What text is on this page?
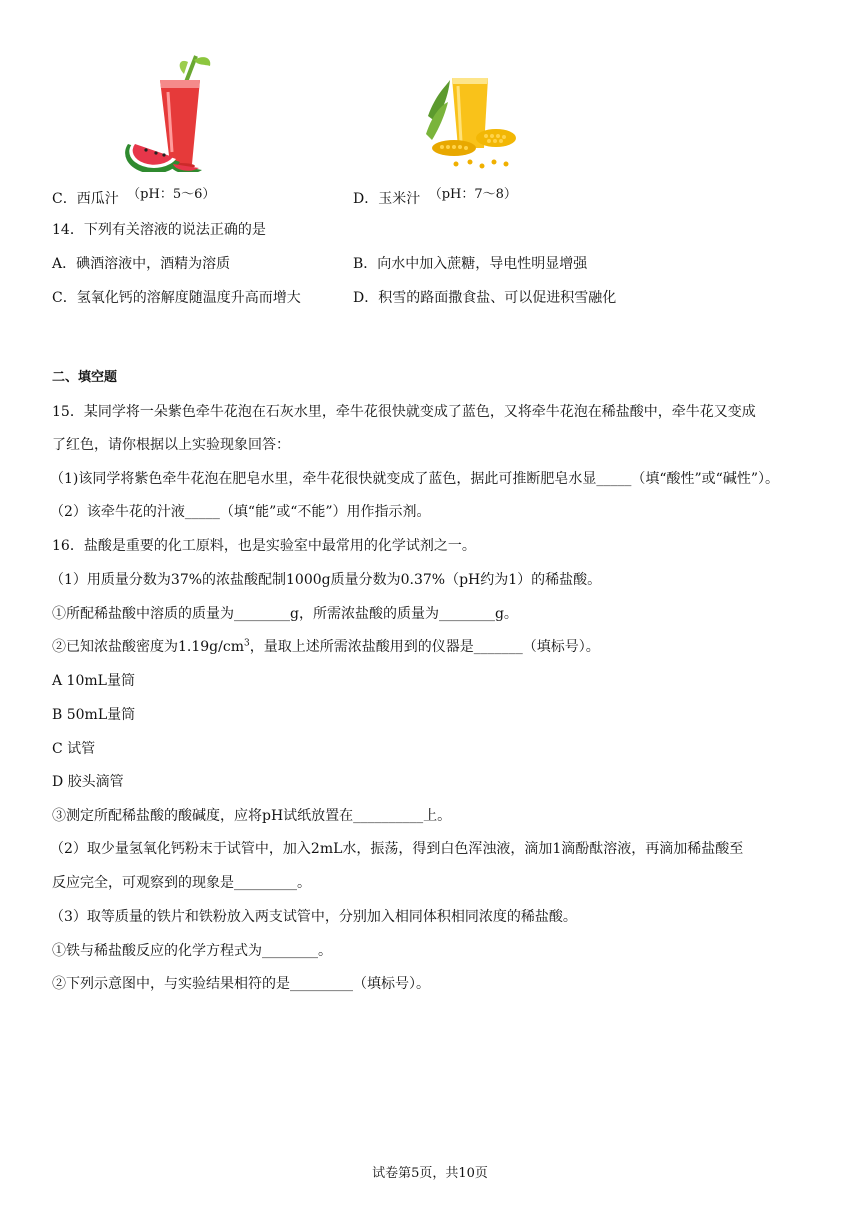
C．西瓜汁 （pH：5～6）	D．玉米汁 （pH：7～8）
14．下列有关溶液的说法正确的是
A．碘酒溶液中，酒精为溶质	B．向水中加入蔗糖，导电性明显增强
C．氢氧化钙的溶解度随温度升高而增大	D．积雪的路面撒食盐、可以促进积雪融化
二、填空题
15．某同学将一朵紫色牵牛花泡在石灰水里，牵牛花很快就变成了蓝色，又将牵牛花泡在稀盐酸中，牵牛花又变成
了红色，请你根据以上实验现象回答：
（1)该同学将紫色牵牛花泡在肥皂水里，牵牛花很快就变成了蓝色，据此可推断肥皂水显_____（填“酸性”或“碱性”）。
（2）该牵牛花的汁液_____（填“能”或“不能”）用作指示剂。
16．盐酸是重要的化工原料，也是实验室中最常用的化学试剂之一。
（1）用质量分数为37%的浓盐酸配制1000g质量分数为0.37%（pH约为1）的稀盐酸。
①所配稀盐酸中溶质的质量为________g，所需浓盐酸的质量为________g。
②已知浓盐酸密度为$1.19g/cm^3$，量取上述所需浓盐酸用到的仪器是_______（填标号）。
A 10mL量筒
B 50mL量筒
C 试管
D 胶头滴管
③测定所配稀盐酸的酸碱度，应将pH试纸放置在__________上。
（2）取少量氢氧化钙粉末于试管中，加入2mL水，振荡，得到白色浑浊液，滴加1滴酚酞溶液，再滴加稀盐酸至
反应完全，可观察到的现象是_________。
（3）取等质量的铁片和铁粉放入两支试管中，分别加入相同体积相同浓度的稀盐酸。
①铁与稀盐酸反应的化学方程式为________。
②下列示意图中，与实验结果相符的是_________（填标号）。
试卷第5页，共10页
